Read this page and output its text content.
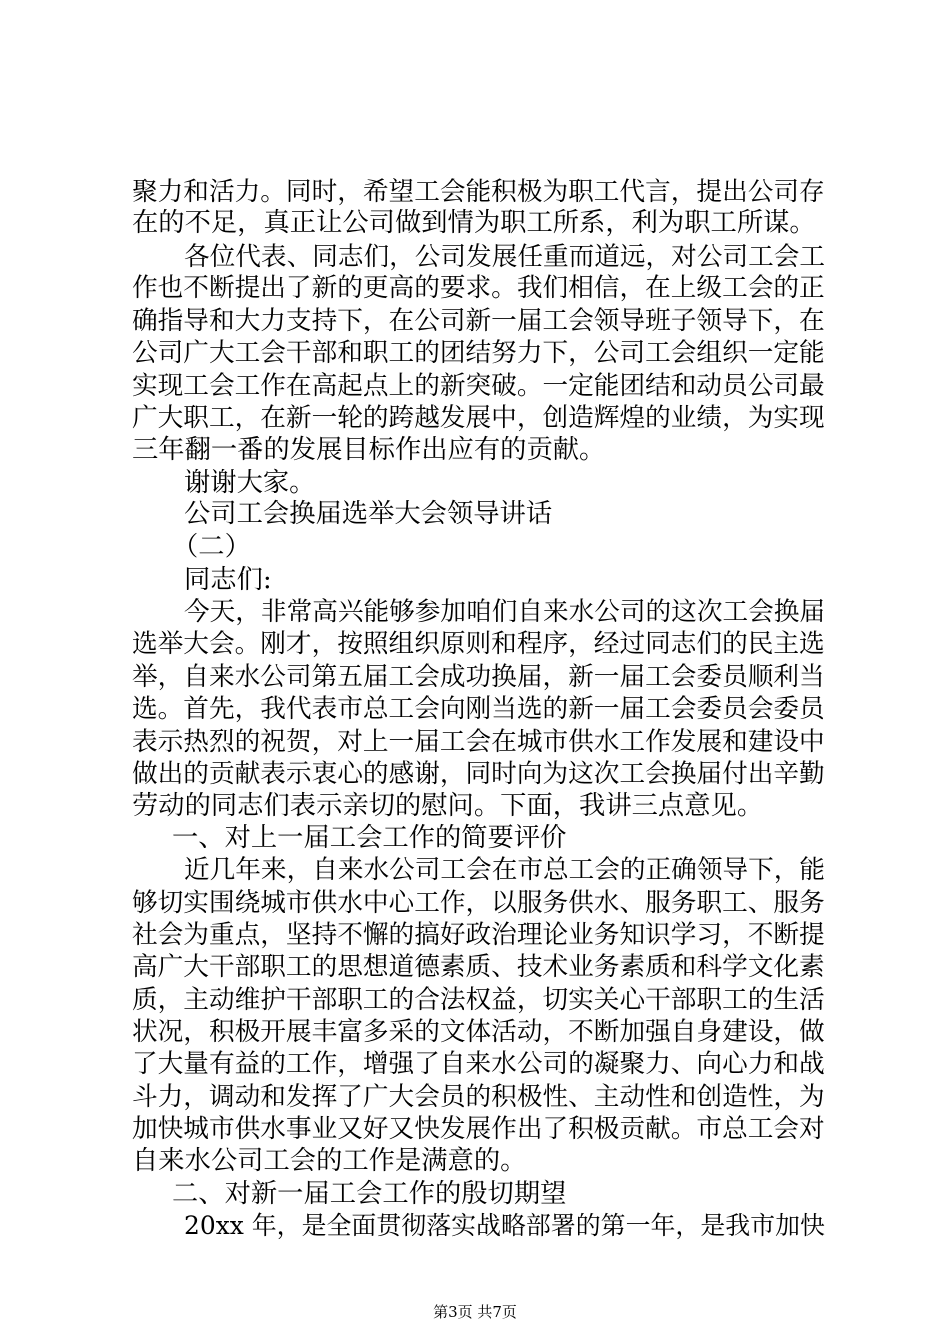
聚力和活力。同时，希望工会能积极为职工代言，提出公司存
在的不足，真正让公司做到情为职工所系，利为职工所谋。
各位代表、同志们，公司发展任重而道远，对公司工会工
作也不断提出了新的更高的要求。我们相信，在上级工会的正
确指导和大力支持下，在公司新一届工会领导班子领导下，在
公司广大工会干部和职工的团结努力下，公司工会组织一定能
实现工会工作在高起点上的新突破。一定能团结和动员公司最
广大职工，在新一轮的跨越发展中，创造辉煌的业绩，为实现
三年翻一番的发展目标作出应有的贡献。
谢谢大家。
公司工会换届选举大会领导讲话
（二）
同志们:
今天，非常高兴能够参加咱们自来水公司的这次工会换届
选举大会。刚才，按照组织原则和程序，经过同志们的民主选
举，自来水公司第五届工会成功换届，新一届工会委员顺利当
选。首先，我代表市总工会向刚当选的新一届工会委员会委员
表示热烈的祝贺，对上一届工会在城市供水工作发展和建设中
做出的贡献表示衷心的感谢，同时向为这次工会换届付出辛勤
劳动的同志们表示亲切的慰问。下面，我讲三点意见。
一、对上一届工会工作的简要评价
近几年来，自来水公司工会在市总工会的正确领导下，能
够切实围绕城市供水中心工作，以服务供水、服务职工、服务
社会为重点，坚持不懈的搞好政治理论业务知识学习，不断提
高广大干部职工的思想道德素质、技术业务素质和科学文化素
质，主动维护干部职工的合法权益，切实关心干部职工的生活
状况，积极开展丰富多采的文体活动，不断加强自身建设，做
了大量有益的工作，增强了自来水公司的凝聚力、向心力和战
斗力，调动和发挥了广大会员的积极性、主动性和创造性，为
加快城市供水事业又好又快发展作出了积极贡献。市总工会对
自来水公司工会的工作是满意的。
二、对新一届工会工作的殷切期望
20xx 年，是全面贯彻落实战略部署的第一年，是我市加快
第3页 共7页
